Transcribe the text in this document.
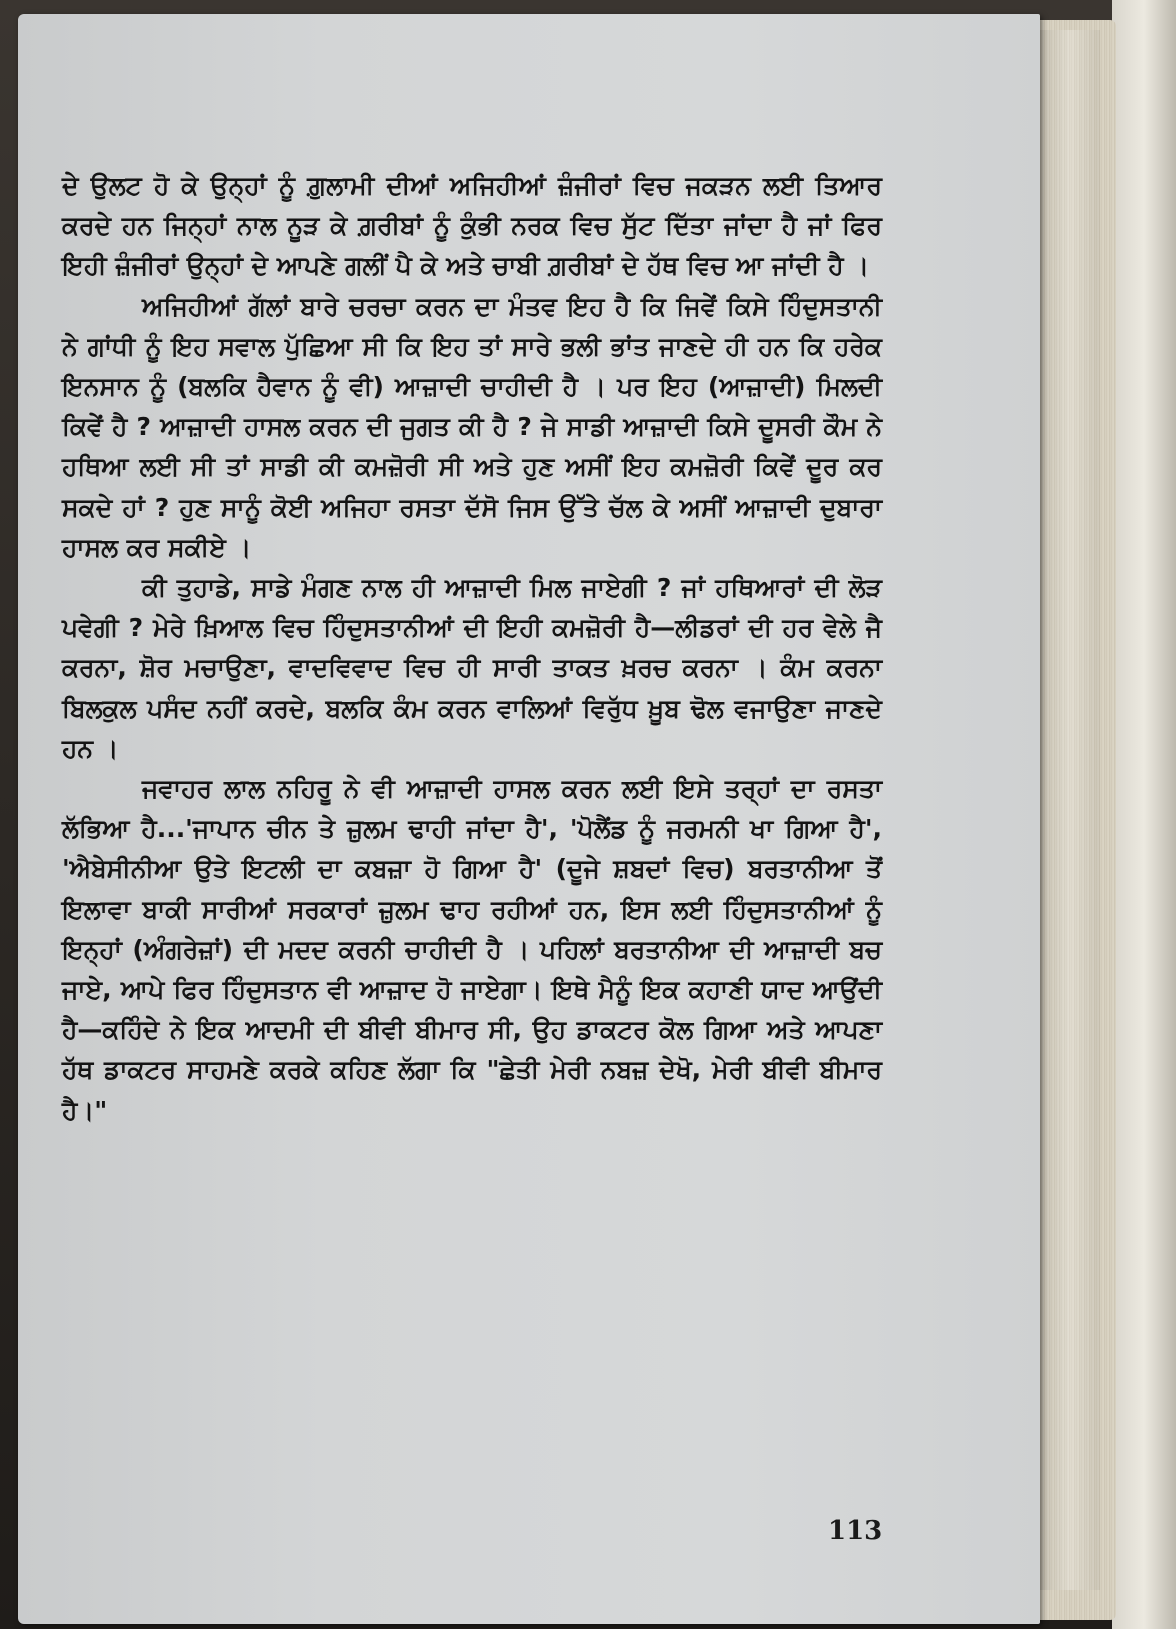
ਦੇ ਉਲਟ ਹੋ ਕੇ ਉਨ੍ਹਾਂ ਨੂੰ ਗ਼ੁਲਾਮੀ ਦੀਆਂ ਅਜਿਹੀਆਂ ਜ਼ੰਜੀਰਾਂ ਵਿਚ ਜਕੜਨ ਲਈ ਤਿਆਰ ਕਰਦੇ ਹਨ ਜਿਨ੍ਹਾਂ ਨਾਲ ਨੂੜ ਕੇ ਗ਼ਰੀਬਾਂ ਨੂੰ ਕੁੰਭੀ ਨਰਕ ਵਿਚ ਸੁੱਟ ਦਿੱਤਾ ਜਾਂਦਾ ਹੈ ਜਾਂ ਫਿਰ ਇਹੀ ਜ਼ੰਜੀਰਾਂ ਉਨ੍ਹਾਂ ਦੇ ਆਪਣੇ ਗਲੀਂ ਪੈ ਕੇ ਅਤੇ ਚਾਬੀ ਗ਼ਰੀਬਾਂ ਦੇ ਹੱਥ ਵਿਚ ਆ ਜਾਂਦੀ ਹੈ ।

ਅਜਿਹੀਆਂ ਗੱਲਾਂ ਬਾਰੇ ਚਰਚਾ ਕਰਨ ਦਾ ਮੰਤਵ ਇਹ ਹੈ ਕਿ ਜਿਵੇਂ ਕਿਸੇ ਹਿੰਦੁਸਤਾਨੀ ਨੇ ਗਾਂਧੀ ਨੂੰ ਇਹ ਸਵਾਲ ਪੁੱਛਿਆ ਸੀ ਕਿ ਇਹ ਤਾਂ ਸਾਰੇ ਭਲੀ ਭਾਂਤ ਜਾਣਦੇ ਹੀ ਹਨ ਕਿ ਹਰੇਕ ਇਨਸਾਨ ਨੂੰ (ਬਲਕਿ ਹੈਵਾਨ ਨੂੰ ਵੀ) ਆਜ਼ਾਦੀ ਚਾਹੀਦੀ ਹੈ । ਪਰ ਇਹ (ਆਜ਼ਾਦੀ) ਮਿਲਦੀ ਕਿਵੇਂ ਹੈ ? ਆਜ਼ਾਦੀ ਹਾਸਲ ਕਰਨ ਦੀ ਜੁਗਤ ਕੀ ਹੈ ? ਜੇ ਸਾਡੀ ਆਜ਼ਾਦੀ ਕਿਸੇ ਦੂਸਰੀ ਕੌਮ ਨੇ ਹਥਿਆ ਲਈ ਸੀ ਤਾਂ ਸਾਡੀ ਕੀ ਕਮਜ਼ੋਰੀ ਸੀ ਅਤੇ ਹੁਣ ਅਸੀਂ ਇਹ ਕਮਜ਼ੋਰੀ ਕਿਵੇਂ ਦੂਰ ਕਰ ਸਕਦੇ ਹਾਂ ? ਹੁਣ ਸਾਨੂੰ ਕੋਈ ਅਜਿਹਾ ਰਸਤਾ ਦੱਸੋ ਜਿਸ ਉੱਤੇ ਚੱਲ ਕੇ ਅਸੀਂ ਆਜ਼ਾਦੀ ਦੁਬਾਰਾ ਹਾਸਲ ਕਰ ਸਕੀਏ ।

ਕੀ ਤੁਹਾਡੇ, ਸਾਡੇ ਮੰਗਣ ਨਾਲ ਹੀ ਆਜ਼ਾਦੀ ਮਿਲ ਜਾਏਗੀ ? ਜਾਂ ਹਥਿਆਰਾਂ ਦੀ ਲੋੜ ਪਵੇਗੀ ? ਮੇਰੇ ਖ਼ਿਆਲ ਵਿਚ ਹਿੰਦੁਸਤਾਨੀਆਂ ਦੀ ਇਹੀ ਕਮਜ਼ੋਰੀ ਹੈ—ਲੀਡਰਾਂ ਦੀ ਹਰ ਵੇਲੇ ਜੈ ਕਰਨਾ, ਸ਼ੋਰ ਮਚਾਉਣਾ, ਵਾਦਵਿਵਾਦ ਵਿਚ ਹੀ ਸਾਰੀ ਤਾਕਤ ਖ਼ਰਚ ਕਰਨਾ । ਕੰਮ ਕਰਨਾ ਬਿਲਕੁਲ ਪਸੰਦ ਨਹੀਂ ਕਰਦੇ, ਬਲਕਿ ਕੰਮ ਕਰਨ ਵਾਲਿਆਂ ਵਿਰੁੱਧ ਖ਼ੂਬ ਢੋਲ ਵਜਾਉਣਾ ਜਾਣਦੇ ਹਨ ।

ਜਵਾਹਰ ਲਾਲ ਨਹਿਰੂ ਨੇ ਵੀ ਆਜ਼ਾਦੀ ਹਾਸਲ ਕਰਨ ਲਈ ਇਸੇ ਤਰ੍ਹਾਂ ਦਾ ਰਸਤਾ ਲੱਭਿਆ ਹੈ...'ਜਾਪਾਨ ਚੀਨ ਤੇ ਜ਼ੁਲਮ ਢਾਹੀ ਜਾਂਦਾ ਹੈ', 'ਪੋਲੈਂਡ ਨੂੰ ਜਰਮਨੀ ਖਾ ਗਿਆ ਹੈ', 'ਐਬੇਸੀਨੀਆ ਉਤੇ ਇਟਲੀ ਦਾ ਕਬਜ਼ਾ ਹੋ ਗਿਆ ਹੈ' (ਦੂਜੇ ਸ਼ਬਦਾਂ ਵਿਚ) ਬਰਤਾਨੀਆ ਤੋਂ ਇਲਾਵਾ ਬਾਕੀ ਸਾਰੀਆਂ ਸਰਕਾਰਾਂ ਜ਼ੁਲਮ ਢਾਹ ਰਹੀਆਂ ਹਨ, ਇਸ ਲਈ ਹਿੰਦੁਸਤਾਨੀਆਂ ਨੂੰ ਇਨ੍ਹਾਂ (ਅੰਗਰੇਜ਼ਾਂ) ਦੀ ਮਦਦ ਕਰਨੀ ਚਾਹੀਦੀ ਹੈ । ਪਹਿਲਾਂ ਬਰਤਾਨੀਆ ਦੀ ਆਜ਼ਾਦੀ ਬਚ ਜਾਏ, ਆਪੇ ਫਿਰ ਹਿੰਦੁਸਤਾਨ ਵੀ ਆਜ਼ਾਦ ਹੋ ਜਾਏਗਾ। ਇਥੇ ਮੈਨੂੰ ਇਕ ਕਹਾਣੀ ਯਾਦ ਆਉਂਦੀ ਹੈ—ਕਹਿੰਦੇ ਨੇ ਇਕ ਆਦਮੀ ਦੀ ਬੀਵੀ ਬੀਮਾਰ ਸੀ, ਉਹ ਡਾਕਟਰ ਕੋਲ ਗਿਆ ਅਤੇ ਆਪਣਾ ਹੱਥ ਡਾਕਟਰ ਸਾਹਮਣੇ ਕਰਕੇ ਕਹਿਣ ਲੱਗਾ ਕਿ "ਛੇਤੀ ਮੇਰੀ ਨਬਜ਼ ਦੇਖੋ, ਮੇਰੀ ਬੀਵੀ ਬੀਮਾਰ ਹੈ।"

113
